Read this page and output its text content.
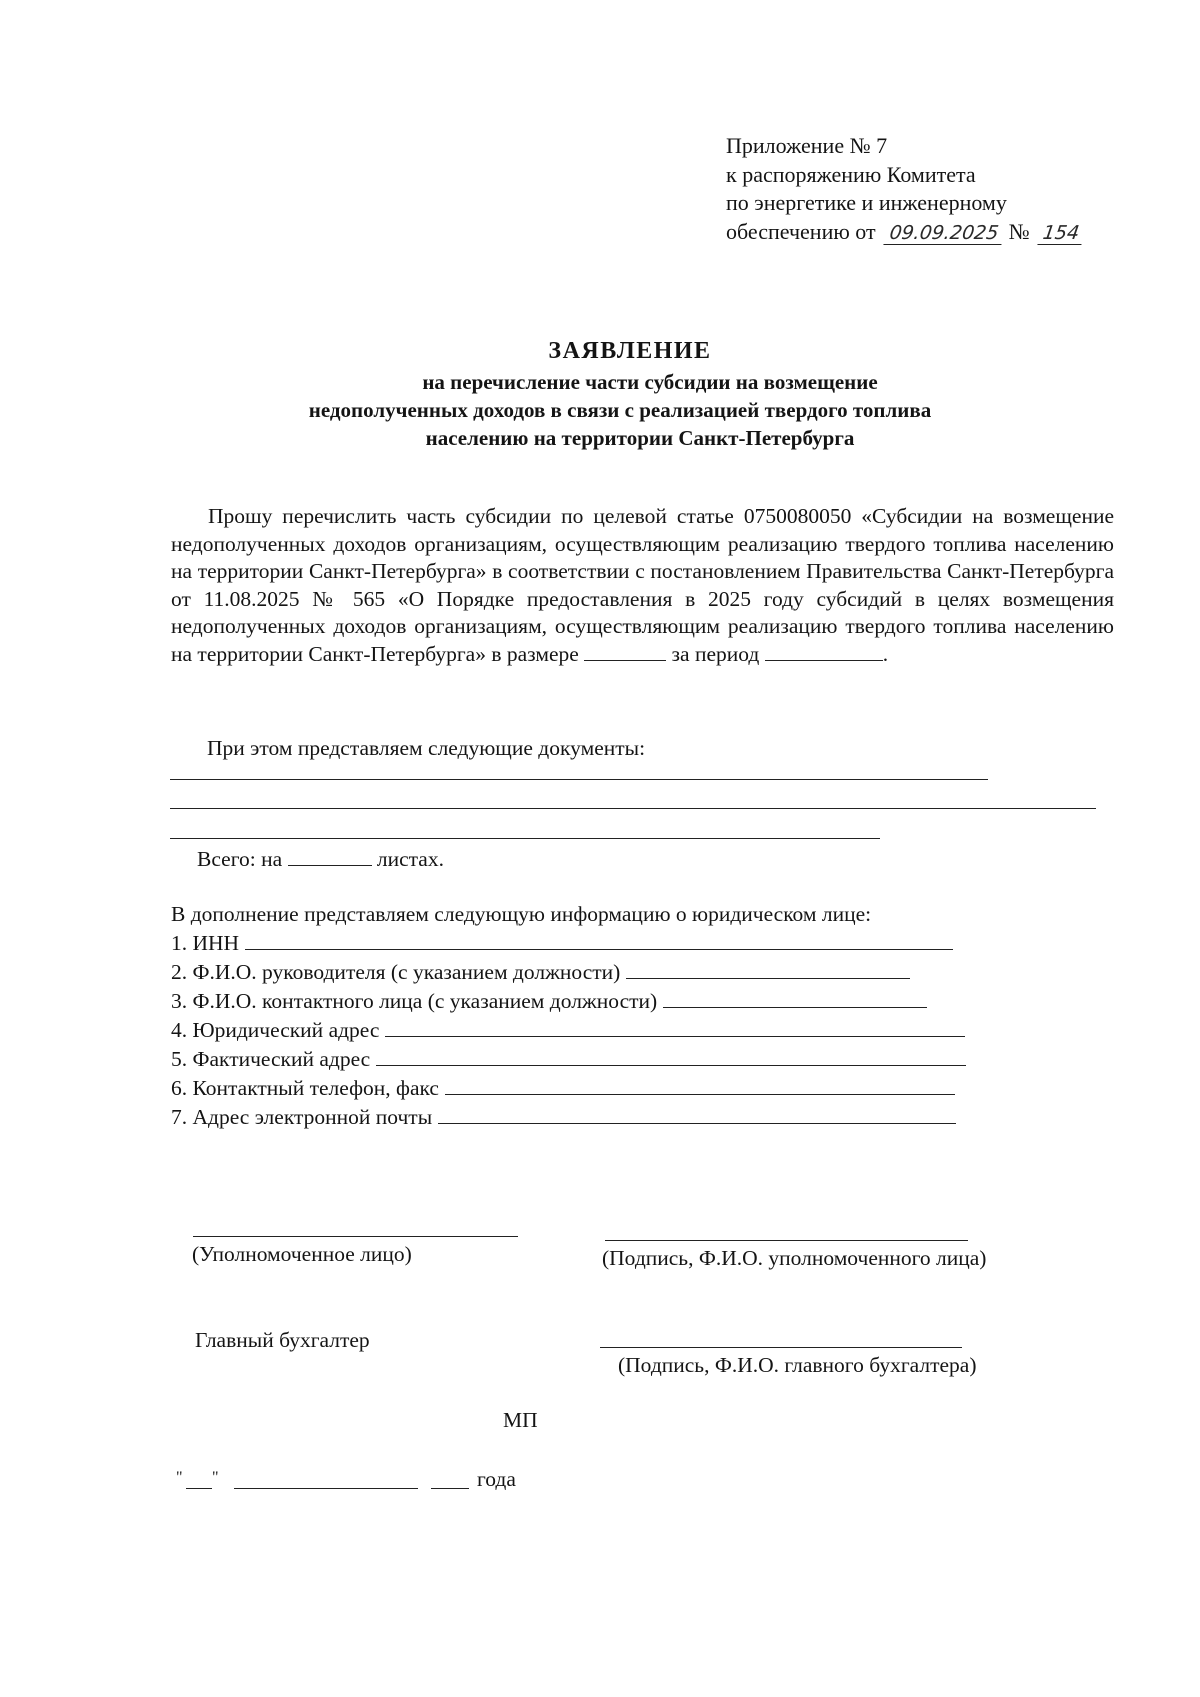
Приложение № 7
к распоряжению Комитета
по энергетике и инженерному
обеспечению от 09.09.2025 № 154
ЗАЯВЛЕНИЕ
на перечисление части субсидии на возмещение
недополученных доходов в связи с реализацией твердого топлива
населению на территории Санкт-Петербурга
Прошу перечислить часть субсидии по целевой статье 0750080050 «Субсидии на возмещение недополученных доходов организациям, осуществляющим реализацию твердого топлива населению на территории Санкт-Петербурга» в соответствии с постановлением Правительства Санкт-Петербурга от 11.08.2025 № 565 «О Порядке предоставления в 2025 году субсидий в целях возмещения недополученных доходов организациям, осуществляющим реализацию твердого топлива населению на территории Санкт-Петербурга» в размере	за период	.
При этом представляем следующие документы:
Всего: на	листах.
В дополнение представляем следующую информацию о юридическом лице:
1. ИНН
2. Ф.И.О. руководителя (с указанием должности)
3. Ф.И.О. контактного лица (с указанием должности)
4. Юридический адрес
5. Фактический адрес
6. Контактный телефон, факс
7. Адрес электронной почты
(Уполномоченное лицо)	(Подпись, Ф.И.О. уполномоченного лица)
Главный бухгалтер
(Подпись, Ф.И.О. главного бухгалтера)
МП
" "	года
